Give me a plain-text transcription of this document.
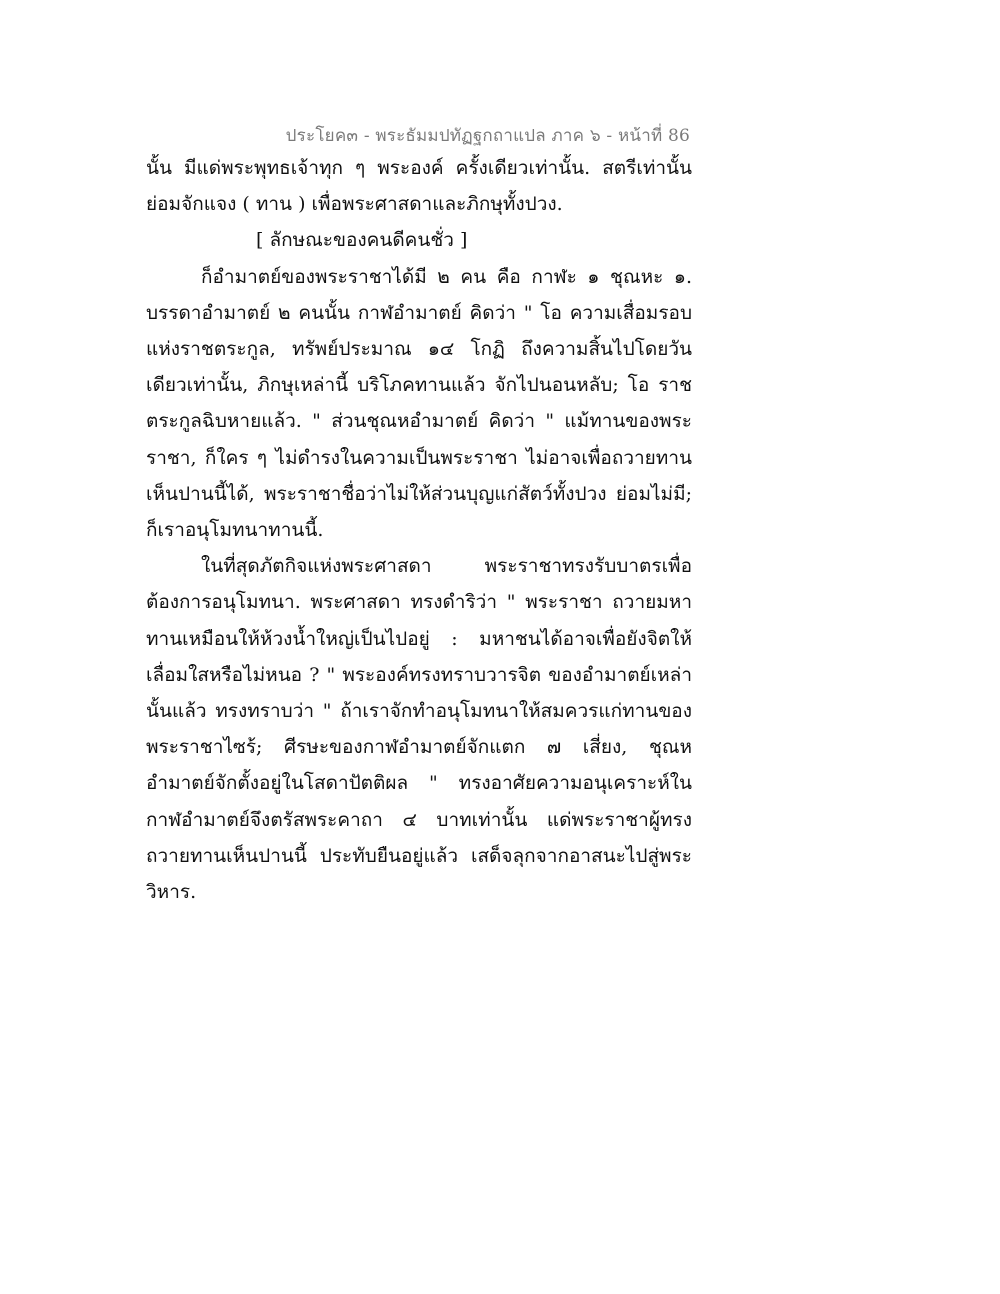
ประโยค๓ - พระธัมมปทัฏฐกถาแปล ภาค ๖ - หน้าที่ 86

นั้น มีแด่พระพุทธเจ้าทุก ๆ พระองค์ ครั้งเดียวเท่านั้น. สตรีเท่านั้นย่อมจักแจง ( ทาน ) เพื่อพระศาสดาและภิกษุทั้งปวง.

[ ลักษณะของคนดีคนชั่ว ]

ก็อำมาตย์ของพระราชาได้มี ๒ คน คือ กาฬะ ๑ ชุณหะ ๑. บรรดาอำมาตย์ ๒ คนนั้น กาฬอำมาตย์ คิดว่า " โอ ความเสื่อมรอบแห่งราชตระกูล, ทรัพย์ประมาณ ๑๔ โกฏิ ถึงความสิ้นไปโดยวันเดียวเท่านั้น, ภิกษุเหล่านี้ บริโภคทานแล้ว จักไปนอนหลับ; โอ ราชตระกูลฉิบหายแล้ว. " ส่วนชุณหอำมาตย์ คิดว่า " แม้ทานของพระราชา, ก็ใคร ๆ ไม่ดำรงในความเป็นพระราชา ไม่อาจเพื่อถวายทานเห็นปานนี้ได้, พระราชาชื่อว่าไม่ให้ส่วนบุญแก่สัตว์ทั้งปวง ย่อมไม่มี; ก็เราอนุโมทนาทานนี้.

ในที่สุดภัตกิจแห่งพระศาสดา พระราชาทรงรับบาตรเพื่อต้องการอนุโมทนา. พระศาสดา ทรงดำริว่า " พระราชา ถวายมหาทานเหมือนให้ห้วงน้ำใหญ่เป็นไปอยู่ : มหาชนได้อาจเพื่อยังจิตให้เลื่อมใสหรือไม่หนอ ? " พระองค์ทรงทราบวารจิต ของอำมาตย์เหล่านั้นแล้ว ทรงทราบว่า " ถ้าเราจักทำอนุโมทนาให้สมควรแก่ทานของพระราชาไซร้; ศีรษะของกาฬอำมาตย์จักแตก ๗ เสี่ยง, ชุณหอำมาตย์จักตั้งอยู่ในโสดาปัตติผล " ทรงอาศัยความอนุเคราะห์ในกาฬอำมาตย์จึงตรัสพระคาถา ๔ บาทเท่านั้น แด่พระราชาผู้ทรงถวายทานเห็นปานนี้ ประทับยืนอยู่แล้ว เสด็จลุกจากอาสนะไปสู่พระวิหาร.
